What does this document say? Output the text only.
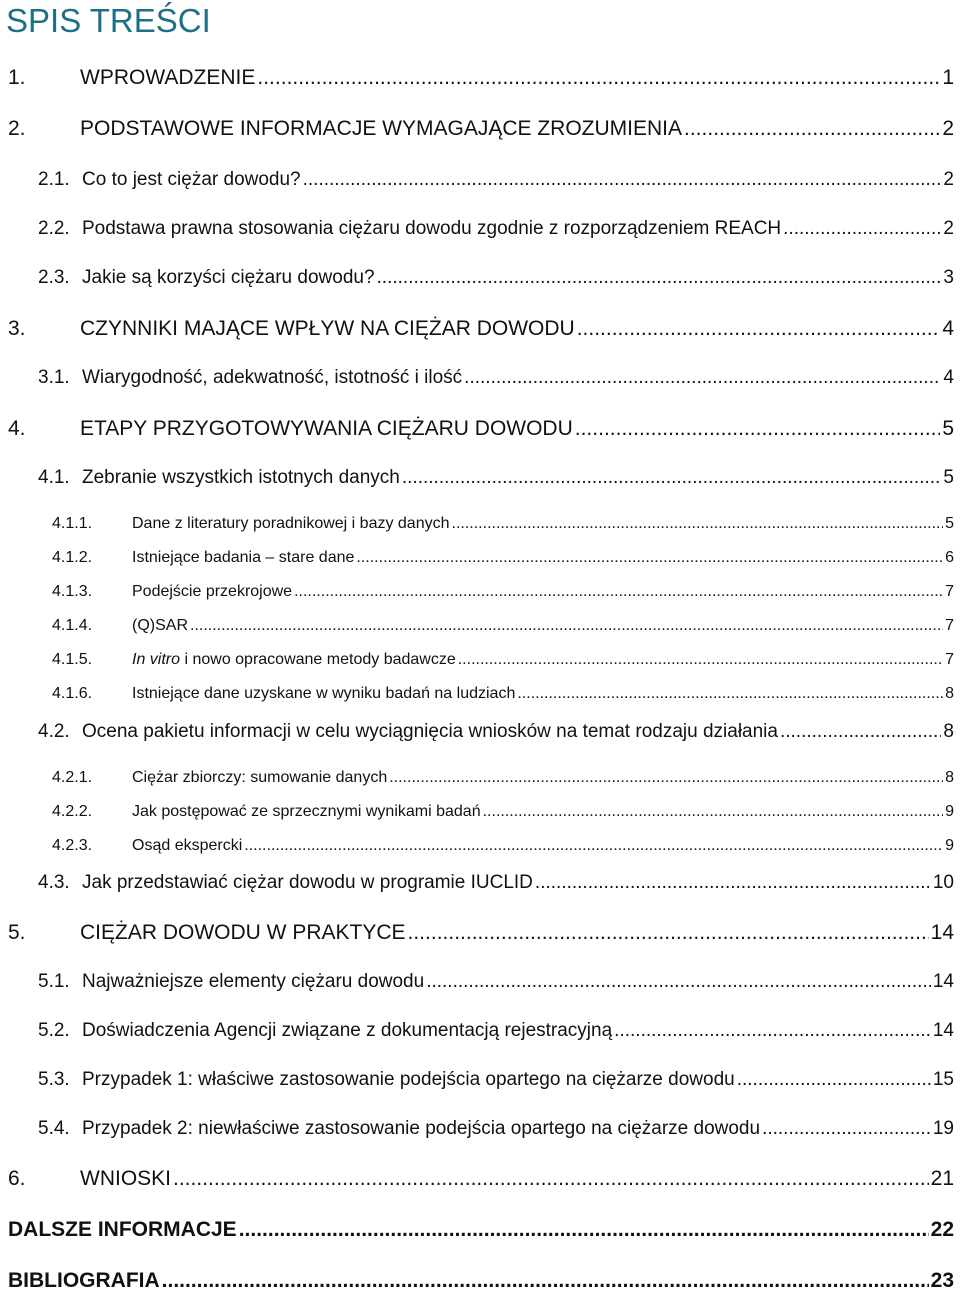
SPIS TREŚCI
1.	WPROWADZENIE .....	1
2.	PODSTAWOWE INFORMACJE WYMAGAJĄCE ZROZUMIENIA .....	2
2.1. Co to jest ciężar dowodu? .....	2
2.2. Podstawa prawna stosowania ciężaru dowodu zgodnie z rozporządzeniem REACH .....	2
2.3. Jakie są korzyści ciężaru dowodu? .....	3
3.	CZYNNIKI MAJĄCE WPŁYW NA CIĘŻAR DOWODU .....	4
3.1. Wiarygodność, adekwatność, istotność i ilość .....	4
4.	ETAPY PRZYGOTOWYWANIA CIĘŻARU DOWODU .....	5
4.1. Zebranie wszystkich istotnych danych .....	5
4.1.1.	Dane z literatury poradnikowej i bazy danych .....	5
4.1.2.	Istniejące badania – stare dane .....	6
4.1.3.	Podejście przekrojowe .....	7
4.1.4.	(Q)SAR .....	7
4.1.5.	In vitro i nowo opracowane metody badawcze .....	7
4.1.6.	Istniejące dane uzyskane w wyniku badań na ludziach .....	8
4.2. Ocena pakietu informacji w celu wyciągnięcia wniosków na temat rodzaju działania .....	8
4.2.1.	Ciężar zbiorczy: sumowanie danych .....	8
4.2.2.	Jak postępować ze sprzecznymi wynikami badań .....	9
4.2.3.	Osąd ekspercki .....	9
4.3. Jak przedstawiać ciężar dowodu w programie IUCLID .....	10
5.	CIĘŻAR DOWODU W PRAKTYCE .....	14
5.1. Najważniejsze elementy ciężaru dowodu .....	14
5.2. Doświadczenia Agencji związane z dokumentacją rejestracyjną .....	14
5.3. Przypadek 1: właściwe zastosowanie podejścia opartego na ciężarze dowodu .....	15
5.4. Przypadek 2: niewłaściwe zastosowanie podejścia opartego na ciężarze dowodu .....	19
6.	WNIOSKI .....	21
DALSZE INFORMACJE .....	22
BIBLIOGRAFIA .....	23
